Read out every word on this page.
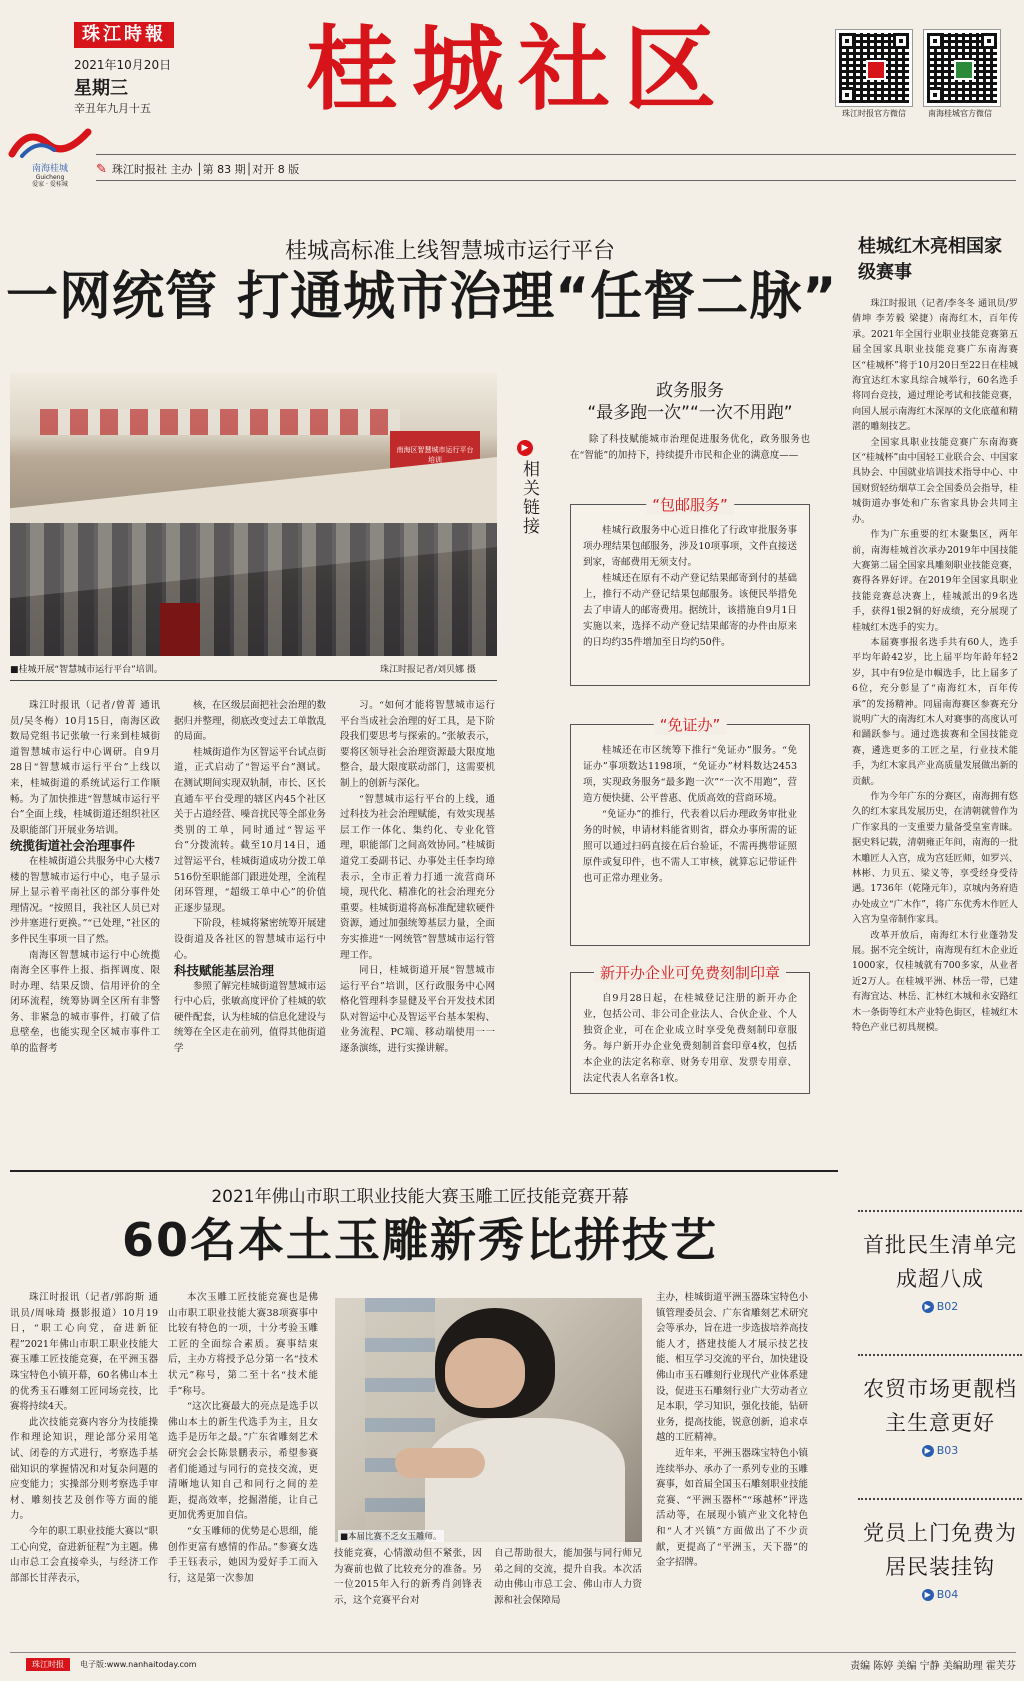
珠江時報
2021年10月20日
星期三
辛丑年九月十五	桂城社区	珠江时报官方微信	南海桂城官方微信
南海桂城
Guicheng
爱家 · 爱桂城
✎ 珠江时报社 主办 │第 83 期│对开 8 版
桂城高标准上线智慧城市运行平台
一网统管 打通城市治理“任督二脉”
南海区智慧城市运行平台培训
■桂城开展“智慧城市运行平台”培训。	珠江时报记者/刘贝娜 摄

珠江时报讯（记者/曾菁 通讯员/吴冬梅）10月15日，南海区政数局党组书记张敏一行来到桂城街道智慧城市运行中心调研。自9月28日“智慧城市运行平台”上线以来，桂城街道的系统试运行工作顺畅。为了加快推进“智慧城市运行平台”全面上线，桂城街道还组织社区及职能部门开展业务培训。

统揽街道社会治理事件

在桂城街道公共服务中心大楼7楼的智慧城市运行中心，电子显示屏上显示着平南社区的部分事件处理情况。“按照目，我社区人员已对沙井塞进行更换。”“已处理，”社区的多件民生事项一目了然。

南海区智慧城市运行中心统揽南海全区事件上报、指挥调度、限时办理、结果反馈、信用评价的全闭环流程，统筹协调全区所有非警务、非紧急的城市事件，打破了信息壁垒，也能实现全区城市事件工单的监督考

核，在区级层面把社会治理的数据归并整理，彻底改变过去工单散乱的局面。

桂城街道作为区智运平台试点街道，正式启动了“智运平台”测试。在测试期间实现双轨制，市长、区长直通车平台受理的辖区内45个社区关于占道经营、噪音扰民等全部业务类别的工单，同时通过“智运平台”分拨流转。截至10月14日，通过智运平台，桂城街道成功分拨工单516份至职能部门跟进处理，全流程闭环管理，“超级工单中心”的价值正逐步显现。

下阶段，桂城将紧密统筹开展建设街道及各社区的智慧城市运行中心。

科技赋能基层治理

参照了解完桂城街道智慧城市运行中心后，张敏高度评价了桂城的软硬件配套，认为桂城的信息化建设与统筹在全区走在前列，值得其他街道学

习。“如何才能将智慧城市运行平台当成社会治理的好工具，是下阶段我们要思考与探索的。”张敏表示，要将区领导社会治理资源最大限度地整合，最大限度联动部门，这需要机制上的创新与深化。

“智慧城市运行平台的上线，通过科技为社会治理赋能，有效实现基层工作一体化、集约化、专业化管理，职能部门之间高效协同。”桂城街道党工委副书记、办事处主任李均璋表示，全市正着力打通一流营商环境，现代化、精准化的社会治理充分重要。桂城街道将高标准配建软硬件资源，通过加强统筹基层力量，全面夯实推进“一网统管”智慧城市运行管理工作。

同日，桂城街道开展“智慧城市运行平台”培训，区行政服务中心网格化管理科李显健及平台开发技术团队对智运中心及智运平台基本架构、业务流程、PC端、移动端使用一一逐条演练，进行实操讲解。

▶
相关链接
政务服务
“最多跑一次”“一次不用跑”

除了科技赋能城市治理促进服务优化，政务服务也在“智能”的加持下，持续提升市民和企业的满意度——

“包邮服务”

桂城行政服务中心近日推化了行政审批服务事项办理结果包邮服务，涉及10项事项，文件直接送到家，寄邮费用无须支付。

桂城还在原有不动产登记结果邮寄到付的基础上，推行不动产登记结果包邮服务。该便民举措免去了申请人的邮寄费用。据统计，该措施自9月1日实施以来，选择不动产登记结果邮寄的办件由原来的日均约35件增加至日均约50件。

“免证办”

桂城还在市区统筹下推行“免证办”服务。“免证办”事项数达1198项，“免证办”材料数达2453项，实现政务服务“最多跑一次”“一次不用跑”，营造方便快捷、公平普惠、优质高效的营商环境。

“免证办”的推行，代表着以后办理政务审批业务的时候，申请材料能省则省，群众办事所需的证照可以通过扫码直接在后台验证，不需再携带证照原件或复印件，也不需人工审核，就算忘记带证件也可正常办理业务。

新开办企业可免费刻制印章

自9月28日起，在桂城登记注册的新开办企业，包括公司、非公司企业法人、合伙企业、个人独资企业，可在企业成立时享受免费刻制印章服务。每户新开办企业免费刻制首套印章4枚，包括本企业的法定名称章、财务专用章、发票专用章、法定代表人名章各1枚。

桂城红木亮相国家级赛事

珠江时报讯（记者/李冬冬 通讯员/罗倩坤 李芳毅 梁捷）南海红木，百年传承。2021年全国行业职业技能竞赛第五届全国家具职业技能竞赛广东南海赛区“桂城杯”将于10月20日至22日在桂城海宜达红木家具综合城举行，60名选手将同台竞技，通过理论考试和技能竞赛，向国人展示南海红木深厚的文化底蕴和精湛的雕刻技艺。

全国家具职业技能竞赛广东南海赛区“桂城杯”由中国轻工业联合会、中国家具协会、中国就业培训技术指导中心、中国财贸轻纺烟草工会全国委员会指导，桂城街道办事处和广东省家具协会共同主办。

作为广东重要的红木聚集区，两年前，南海桂城首次承办2019年中国技能大赛第二届全国家具雕刻职业技能竞赛，赛得各界好评。在2019年全国家具职业技能竞赛总决赛上，桂城派出的9名选手，获得1银2铜的好成绩，充分展现了桂城红木选手的实力。

本届赛事报名选手共有60人，选手平均年龄42岁，比上届平均年龄年轻2岁，其中有9位是巾帼选手，比上届多了6位，充分彰显了“南海红木，百年传承”的发扬精神。同届南海赛区参赛充分说明广大的南海红木人对赛事的高度认可和踊跃参与。通过选拔赛和全国技能竞赛，遴选更多的工匠之星，行业技术能手，为红木家具产业高质量发展做出新的贡献。

作为今年广东的分赛区，南海拥有悠久的红木家具发展历史，在清朝就曾作为广作家具的一支重要力量备受皇室青睐。据史料记载，清朝雍正年间，南海的一批木雕匠人入宫，成为宫廷匠师，如罗兴、林彬、力贝五、梁义等，享受经身受待遇。1736年（乾隆元年），京城内务府造办处成立“广木作”，将广东优秀木作匠人入宫为皇帝制作家具。

改革开放后，南海红木行业蓬勃发展。据不完全统计，南海现有红木企业近1000家，仅桂城就有700多家，从业者近2万人。在桂城平洲、林岳一带，已建有海宜达、林岳、汇林红木城和永安路红木一条街等红木产业特色街区，桂城红木特色产业已初具规模。

2021年佛山市职工职业技能大赛玉雕工匠技能竞赛开幕
60名本土玉雕新秀比拼技艺

珠江时报讯（记者/郭韵斯 通讯员/周咏琦 摄影报道）10月19日，“职工心向党，奋进新征程”2021年佛山市职工职业技能大赛玉雕工匠技能竞赛，在平洲玉器珠宝特色小镇开幕，60名佛山本土的优秀玉石雕刻工匠同场竞技，比赛将持续4天。

此次技能竞赛内容分为技能操作和理论知识，理论部分采用笔试、闭卷的方式进行，考察选手基础知识的掌握情况和对复杂问题的应变能力；实操部分则考察选手审材、雕刻技艺及创作等方面的能力。

今年的职工职业技能大赛以“职工心向党，奋进新征程”为主题。佛山市总工会直接牵头，与经济工作部部长甘萍表示，

本次玉雕工匠技能竞赛也是佛山市职工职业技能大赛38项赛事中比较有特色的一项，十分考验玉雕工匠的全面综合素质。赛事结束后，主办方将授予总分第一名“技术状元”称号，第二至十名“技术能手”称号。

“这次比赛最大的亮点是选手以佛山本土的新生代选手为主，且女选手是历年之最。”广东省雕刻艺术研究会会长陈景鹏表示，希望参赛者们能通过与同行的竞技交流，更清晰地认知自己和同行之间的差距，提高效率，挖掘潜能，让自己更加优秀更加自信。

“女玉雕师的优势是心思细，能创作更富有感情的作品。”参赛女选手王钰表示，她因为爱好手工而入行，这是第一次参加

■本届比赛不乏女玉雕师。

技能竞赛，心情激动但不紧张，因为赛前也做了比较充分的准备。另一位2015年入行的新秀肖剑锋表示，这个竞赛平台对

自己帮助很大，能加强与同行师兄弟之间的交流，提升自我。本次活动由佛山市总工会、佛山市人力资源和社会保障局

主办，桂城街道平洲玉器珠宝特色小镇管理委员会、广东省雕刻艺术研究会等承办，旨在进一步选拔培养高技能人才，搭建技能人才展示技艺技能、相互学习交流的平台，加快建设佛山市玉石雕刻行业现代产业体系建设，促进玉石雕刻行业广大劳动者立足本职，学习知识，强化技能，钻研业务，提高技能，锐意创新，追求卓越的工匠精神。

近年来，平洲玉器珠宝特色小镇连续举办、承办了一系列专业的玉雕赛事，如首届全国玉石雕刻职业技能竞赛、“平洲玉器杯”“琢越杯”评选活动等，在展现小镇产业文化特色和“人才兴镇”方面做出了不少贡献，更提高了“平洲玉，天下器”的金字招牌。

首批民生清单完成超八成
▶ B02
农贸市场更靓档主生意更好
▶ B03
党员上门免费为居民装挂钩
▶ B04
珠江时报	电子版:www.nanhaitoday.com	责编 陈婷 美编 宁静 美编助理 霍芙芬
